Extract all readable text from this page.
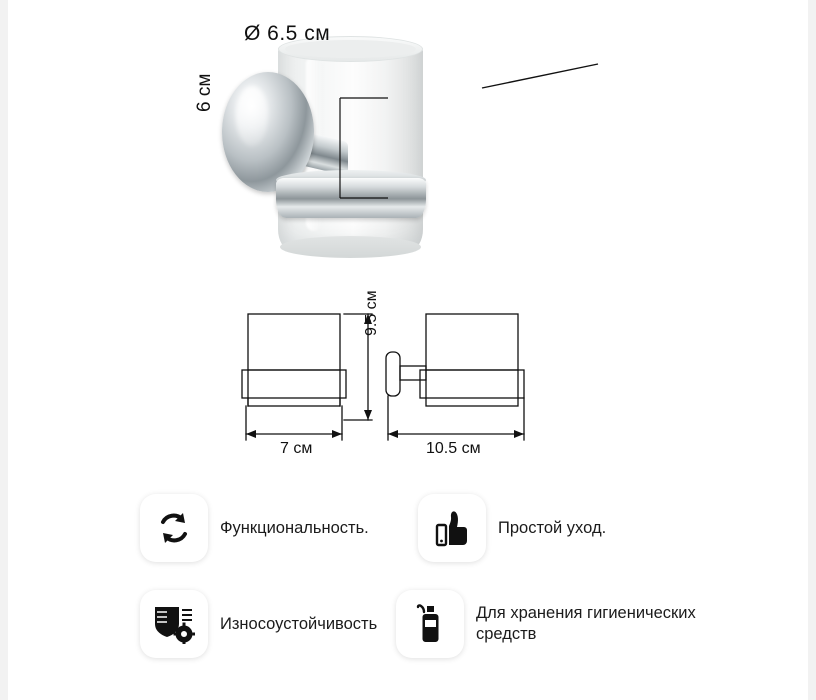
Ø 6.5 см
6 см
9.5 см
7 см	10.5 см
Функциональность.	Простой уход.
Износоустойчивость
Для хранения гигиенических средств
